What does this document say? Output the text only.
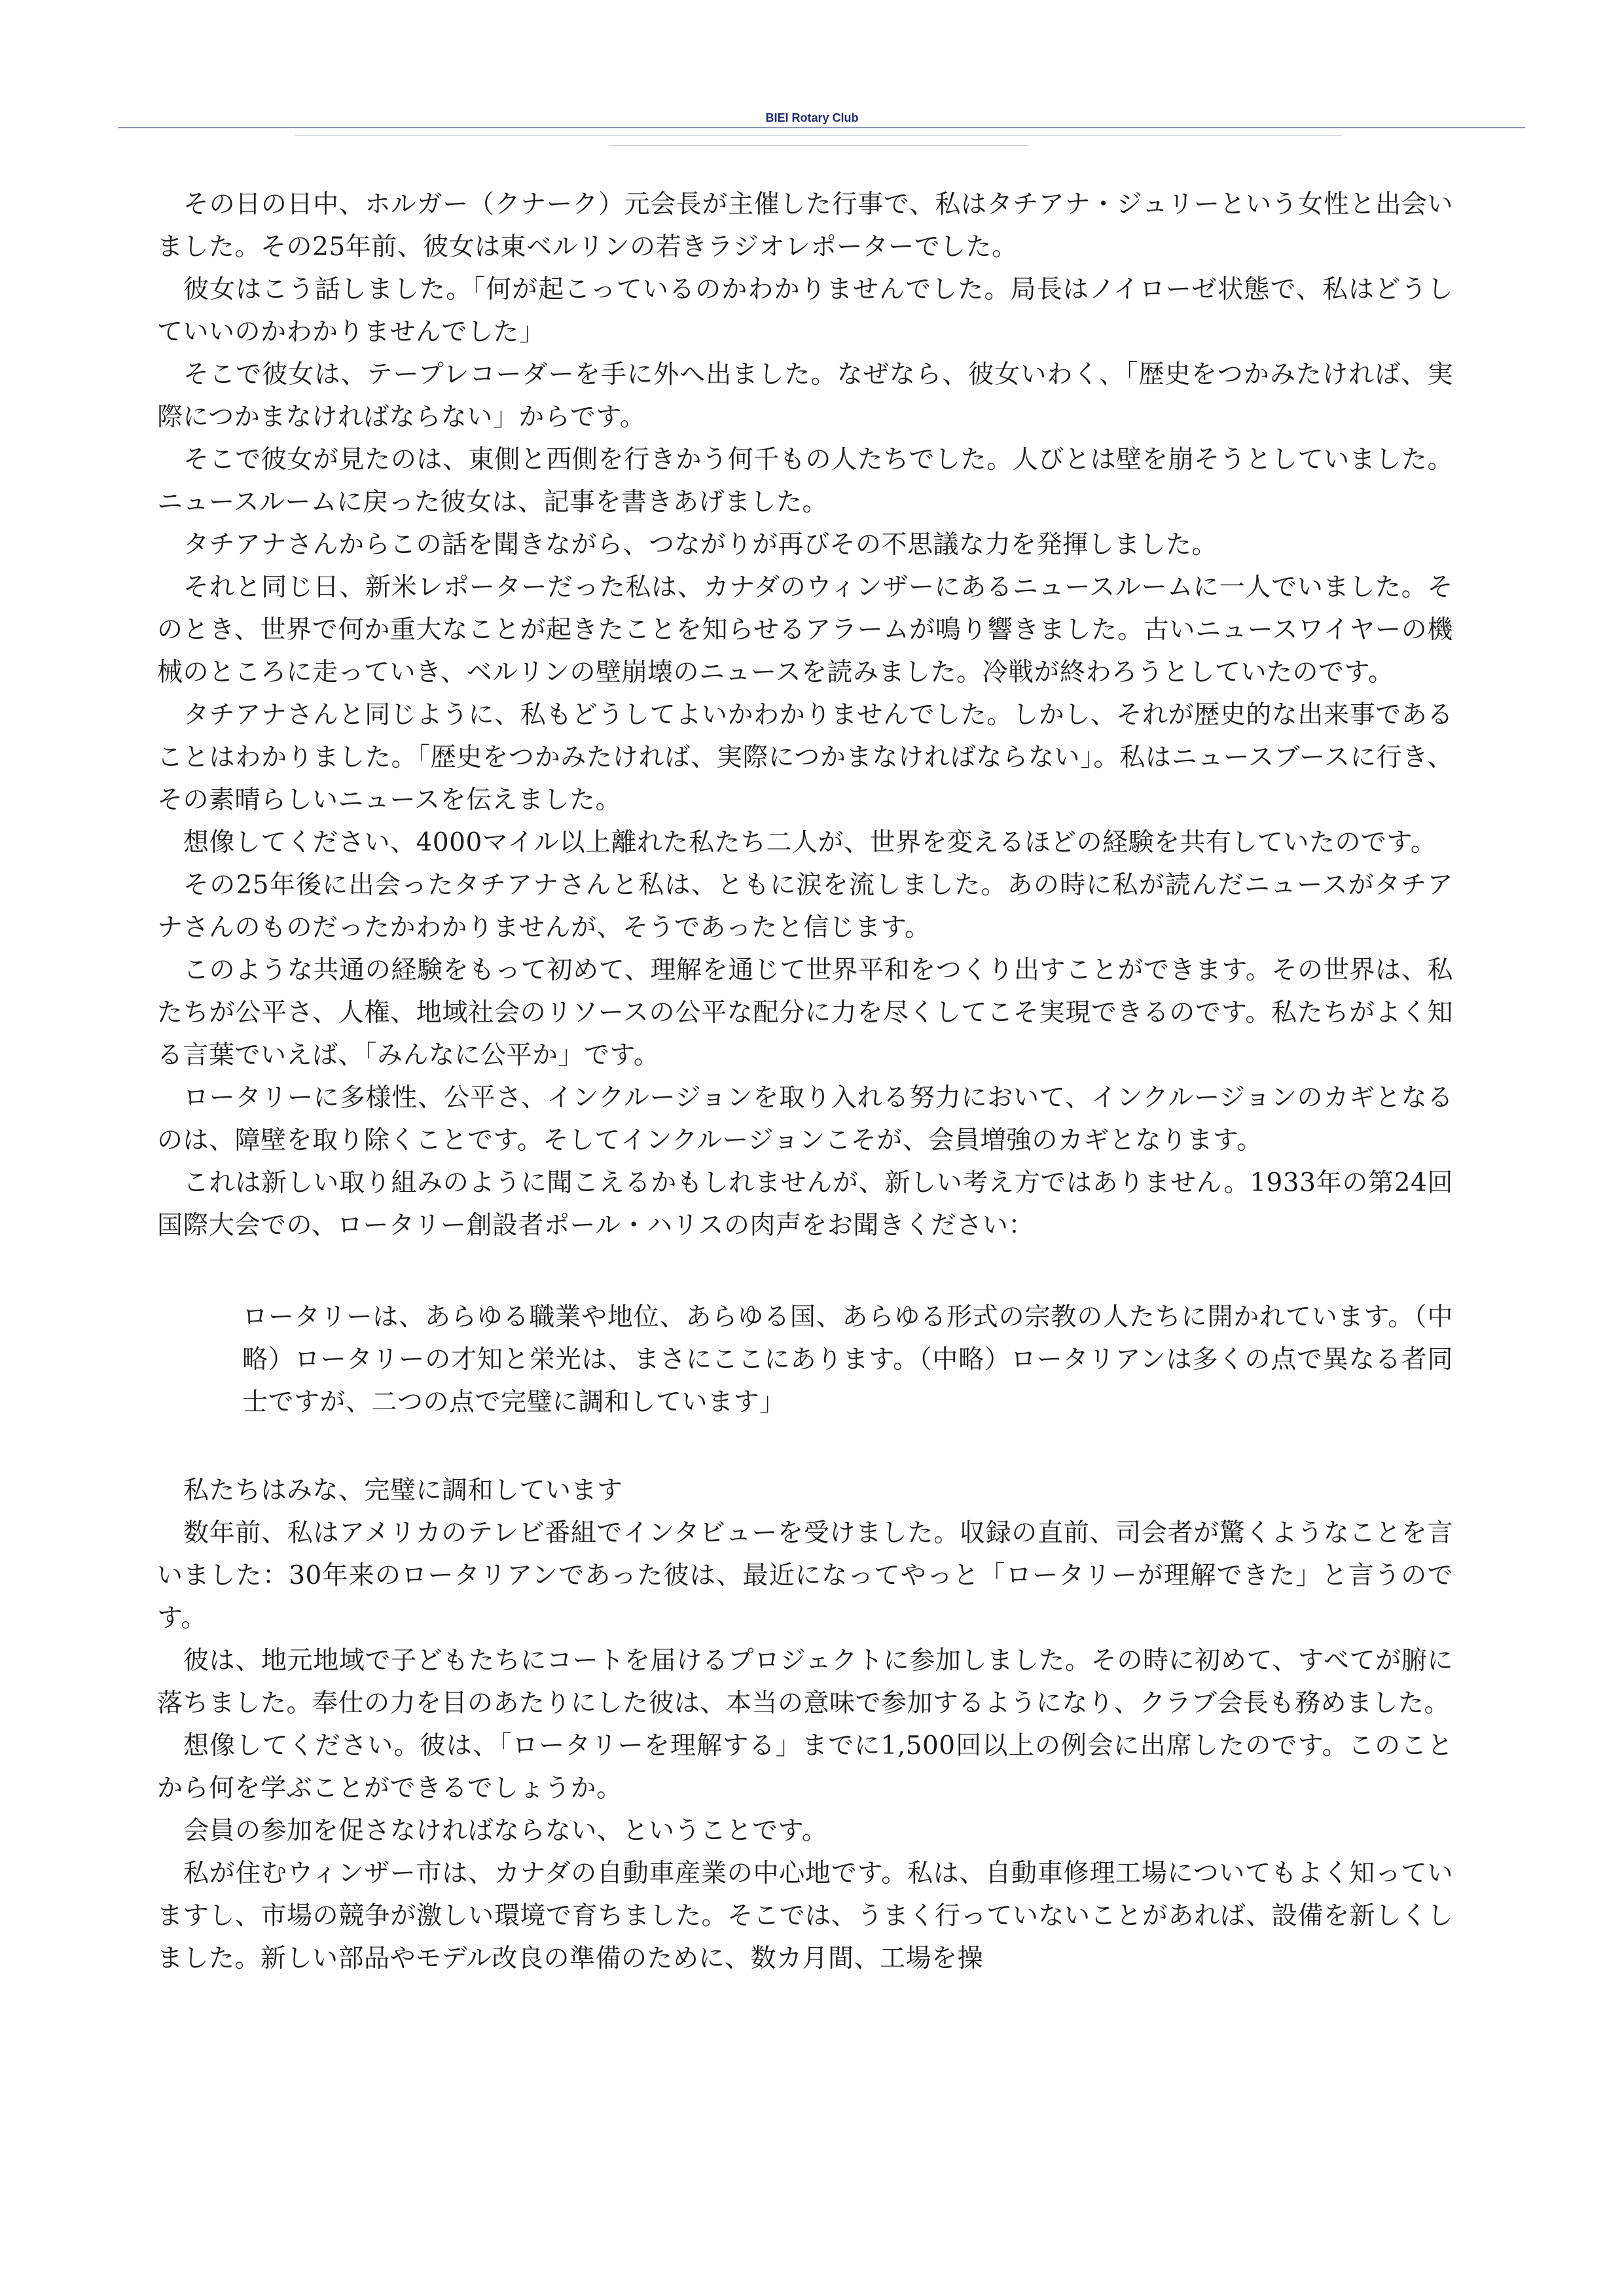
BIEI Rotary Club

その日の日中、ホルガー（クナーク）元会長が主催した行事で、私はタチアナ・ジュリーという女性と出会いました。その25年前、彼女は東ベルリンの若きラジオレポーターでした。

彼女はこう話しました。「何が起こっているのかわかりませんでした。局長はノイローゼ状態で、私はどうしていいのかわかりませんでした」

そこで彼女は、テープレコーダーを手に外へ出ました。なぜなら、彼女いわく、「歴史をつかみたければ、実際につかまなければならない」からです。

そこで彼女が見たのは、東側と西側を行きかう何千もの人たちでした。人びとは壁を崩そうとしていました。ニュースルームに戻った彼女は、記事を書きあげました。

タチアナさんからこの話を聞きながら、つながりが再びその不思議な力を発揮しました。

それと同じ日、新米レポーターだった私は、カナダのウィンザーにあるニュースルームに一人でいました。そのとき、世界で何か重大なことが起きたことを知らせるアラームが鳴り響きました。古いニュースワイヤーの機械のところに走っていき、ベルリンの壁崩壊のニュースを読みました。冷戦が終わろうとしていたのです。

タチアナさんと同じように、私もどうしてよいかわかりませんでした。しかし、それが歴史的な出来事であることはわかりました。「歴史をつかみたければ、実際につかまなければならない」。私はニュースブースに行き、その素晴らしいニュースを伝えました。

想像してください、4000マイル以上離れた私たち二人が、世界を変えるほどの経験を共有していたのです。

その25年後に出会ったタチアナさんと私は、ともに涙を流しました。あの時に私が読んだニュースがタチアナさんのものだったかわかりませんが、そうであったと信じます。

このような共通の経験をもって初めて、理解を通じて世界平和をつくり出すことができます。その世界は、私たちが公平さ、人権、地域社会のリソースの公平な配分に力を尽くしてこそ実現できるのです。私たちがよく知る言葉でいえば、「みんなに公平か」です。

ロータリーに多様性、公平さ、インクルージョンを取り入れる努力において、インクルージョンのカギとなるのは、障壁を取り除くことです。そしてインクルージョンこそが、会員増強のカギとなります。

これは新しい取り組みのように聞こえるかもしれませんが、新しい考え方ではありません。1933年の第24回国際大会での、ロータリー創設者ポール・ハリスの肉声をお聞きください：

ロータリーは、あらゆる職業や地位、あらゆる国、あらゆる形式の宗教の人たちに開かれています。（中略）ロータリーの才知と栄光は、まさにここにあります。（中略）ロータリアンは多くの点で異なる者同士ですが、二つの点で完璧に調和しています」

私たちはみな、完璧に調和しています

数年前、私はアメリカのテレビ番組でインタビューを受けました。収録の直前、司会者が驚くようなことを言いました：30年来のロータリアンであった彼は、最近になってやっと「ロータリーが理解できた」と言うのです。

彼は、地元地域で子どもたちにコートを届けるプロジェクトに参加しました。その時に初めて、すべてが腑に落ちました。奉仕の力を目のあたりにした彼は、本当の意味で参加するようになり、クラブ会長も務めました。

想像してください。彼は、「ロータリーを理解する」までに1,500回以上の例会に出席したのです。このことから何を学ぶことができるでしょうか。

会員の参加を促さなければならない、ということです。

私が住むウィンザー市は、カナダの自動車産業の中心地です。私は、自動車修理工場についてもよく知っていますし、市場の競争が激しい環境で育ちました。そこでは、うまく行っていないことがあれば、設備を新しくしました。新しい部品やモデル改良の準備のために、数カ月間、工場を操
